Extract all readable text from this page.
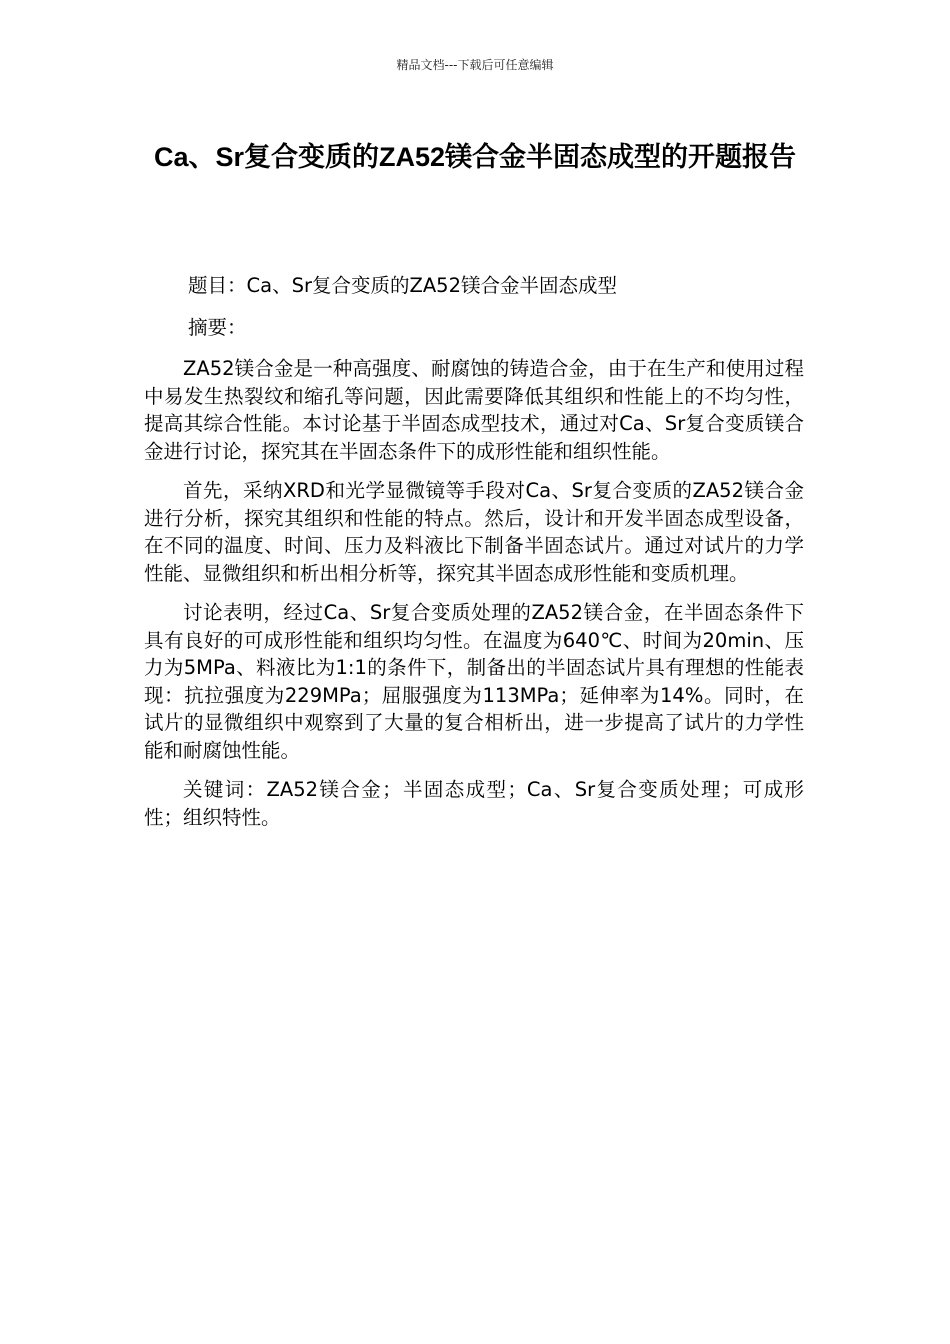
精品文档---下载后可任意编辑
Ca、Sr复合变质的ZA52镁合金半固态成型的开题报告
题目：Ca、Sr复合变质的ZA52镁合金半固态成型
摘要：

ZA52镁合金是一种高强度、耐腐蚀的铸造合金，由于在生产和使用过程中易发生热裂纹和缩孔等问题，因此需要降低其组织和性能上的不均匀性，提高其综合性能。本讨论基于半固态成型技术，通过对Ca、Sr复合变质镁合金进行讨论，探究其在半固态条件下的成形性能和组织性能。

首先，采纳XRD和光学显微镜等手段对Ca、Sr复合变质的ZA52镁合金进行分析，探究其组织和性能的特点。然后，设计和开发半固态成型设备，在不同的温度、时间、压力及料液比下制备半固态试片。通过对试片的力学性能、显微组织和析出相分析等，探究其半固态成形性能和变质机理。

讨论表明，经过Ca、Sr复合变质处理的ZA52镁合金，在半固态条件下具有良好的可成形性能和组织均匀性。在温度为640℃、时间为20min、压力为5MPa、料液比为1:1的条件下，制备出的半固态试片具有理想的性能表现：抗拉强度为229MPa；屈服强度为113MPa；延伸率为14%。同时，在试片的显微组织中观察到了大量的复合相析出，进一步提高了试片的力学性能和耐腐蚀性能。

关键词：ZA52镁合金；半固态成型；Ca、Sr复合变质处理；可成形性；组织特性。
